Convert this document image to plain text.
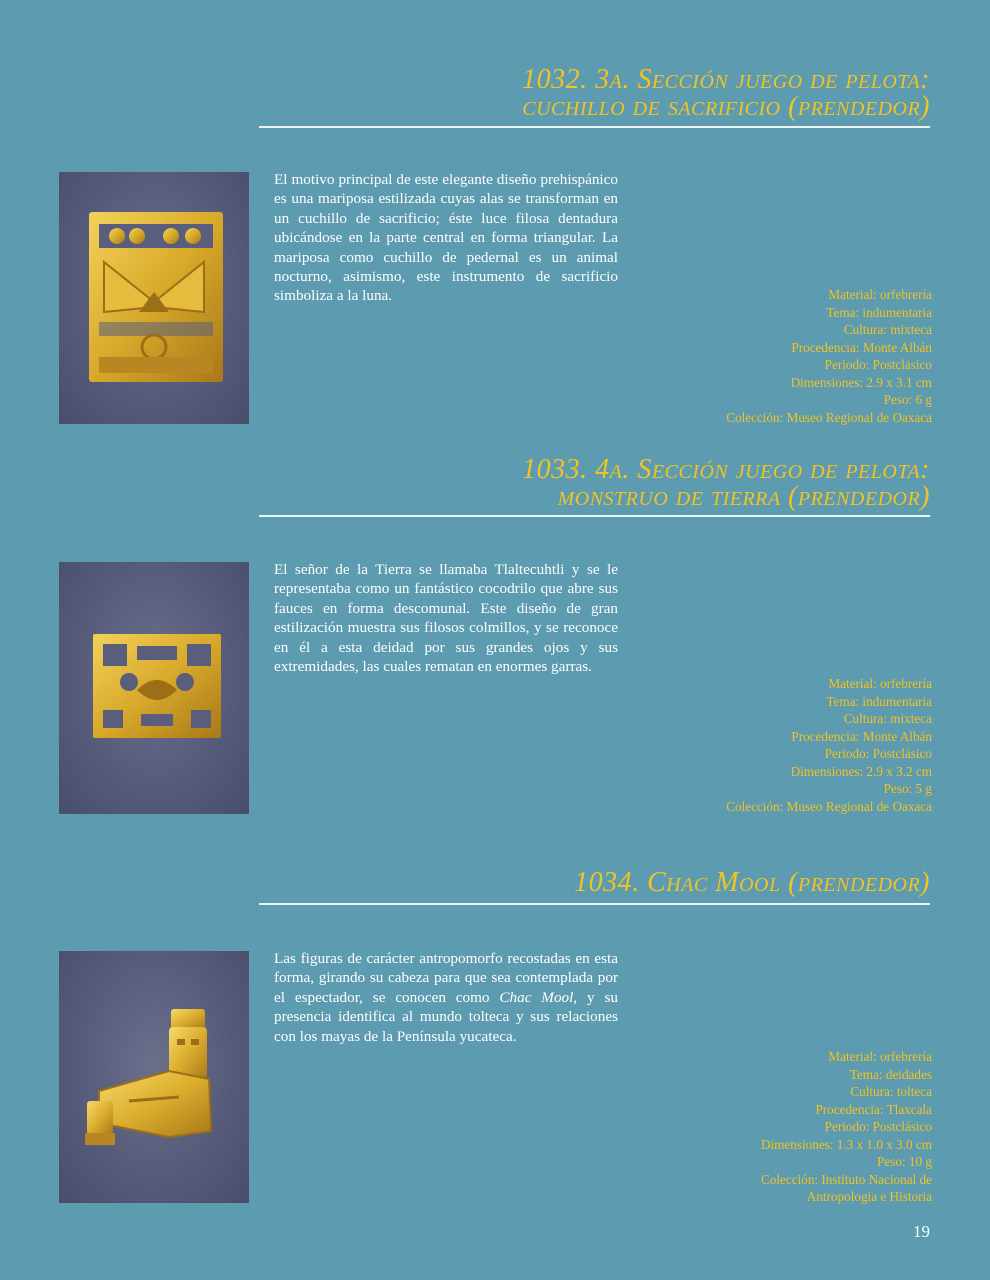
1032. 3a. Sección juego de pelota:
cuchillo de sacrificio (prendedor)
El motivo principal de este elegante diseño prehispánico es una mariposa estilizada cuyas alas se transforman en un cuchillo de sacrificio; éste luce filosa dentadura ubicándose en la parte central en forma triangular. La mariposa como cuchillo de pedernal es un animal nocturno, asimismo, este instrumento de sacrificio simboliza a la luna.	Material: orfebrería
Tema: indumentaria
Cultura: mixteca
Procedencia: Monte Albán
Periodo: Postclásico
Dimensiones: 2.9 x 3.1 cm
Peso: 6 g
Colección: Museo Regional de Oaxaca
1033. 4a. Sección juego de pelota:
monstruo de tierra (prendedor)
El señor de la Tierra se llamaba Tlaltecuhtli y se le representaba como un fantástico cocodrilo que abre sus fauces en forma descomunal. Este diseño de gran estilización muestra sus filosos colmillos, y se reconoce en él a esta deidad por sus grandes ojos y sus extremidades, las cuales rematan en enormes garras.
Material: orfebrería
Tema: indumentaria
Cultura: mixteca
Procedencia: Monte Albán
Periodo: Postclásico
Dimensiones: 2.9 x 3.2 cm
Peso: 5 g
Colección: Museo Regional de Oaxaca
1034. Chac Mool (prendedor)
Las figuras de carácter antropomorfo recostadas en esta forma, girando su cabeza para que sea contemplada por el espectador, se conocen como Chac Mool, y su presencia identifica al mundo tolteca y sus relaciones con los mayas de la Península yucateca.
Material: orfebrería
Tema: deidades
Cultura: tolteca
Procedencia: Tlaxcala
Periodo: Postclásico
Dimensiones: 1.3 x 1.0 x 3.0 cm
Peso: 10 g
Colección: Instituto Nacional de
Antropología e Historia
19
